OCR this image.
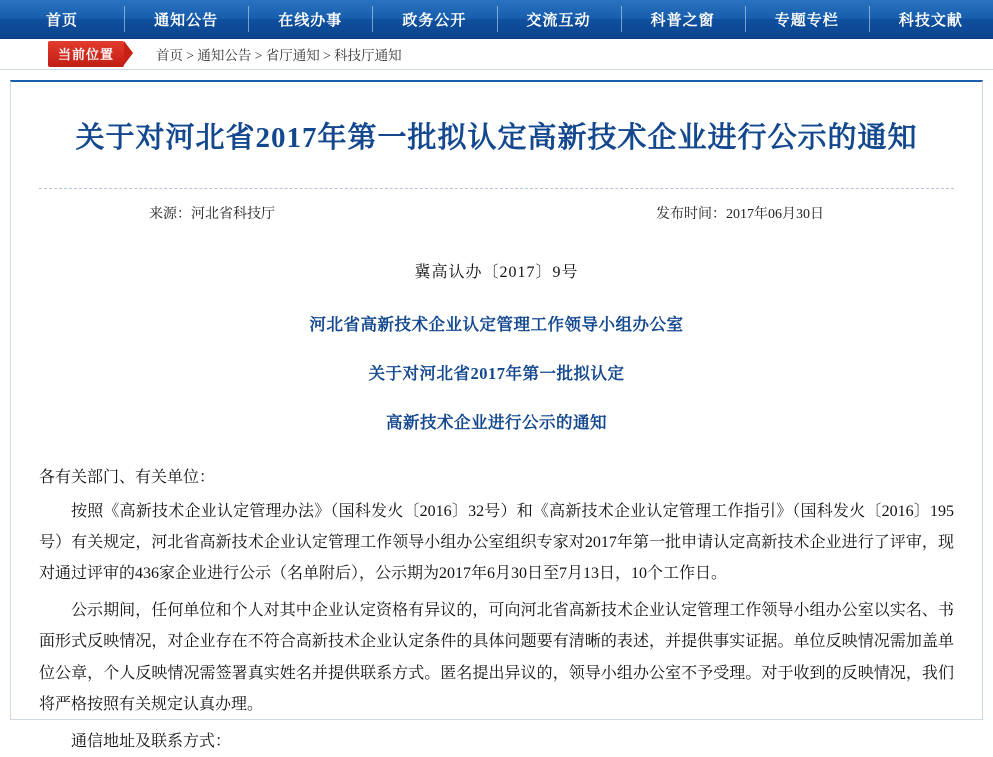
首页	通知公告	在线办事	政务公开	交流互动	科普之窗	专题专栏	科技文献
当前位置	首页 > 通知公告 > 省厅通知 > 科技厅通知
关于对河北省2017年第一批拟认定高新技术企业进行公示的通知
来源：河北省科技厅	发布时间：2017年06月30日
冀高认办〔2017〕9号
河北省高新技术企业认定管理工作领导小组办公室
关于对河北省2017年第一批拟认定
高新技术企业进行公示的通知
各有关部门、有关单位：
按照《高新技术企业认定管理办法》（国科发火〔2016〕32号）和《高新技术企业认定管理工作指引》（国科发火〔2016〕195号）有关规定，河北省高新技术企业认定管理工作领导小组办公室组织专家对2017年第一批申请认定高新技术企业进行了评审，现对通过评审的436家企业进行公示（名单附后），公示期为2017年6月30日至7月13日，10个工作日。
公示期间，任何单位和个人对其中企业认定资格有异议的，可向河北省高新技术企业认定管理工作领导小组办公室以实名、书面形式反映情况，对企业存在不符合高新技术企业认定条件的具体问题要有清晰的表述，并提供事实证据。单位反映情况需加盖单位公章，个人反映情况需签署真实姓名并提供联系方式。匿名提出异议的，领导小组办公室不予受理。对于收到的反映情况，我们将严格按照有关规定认真办理。
通信地址及联系方式：
